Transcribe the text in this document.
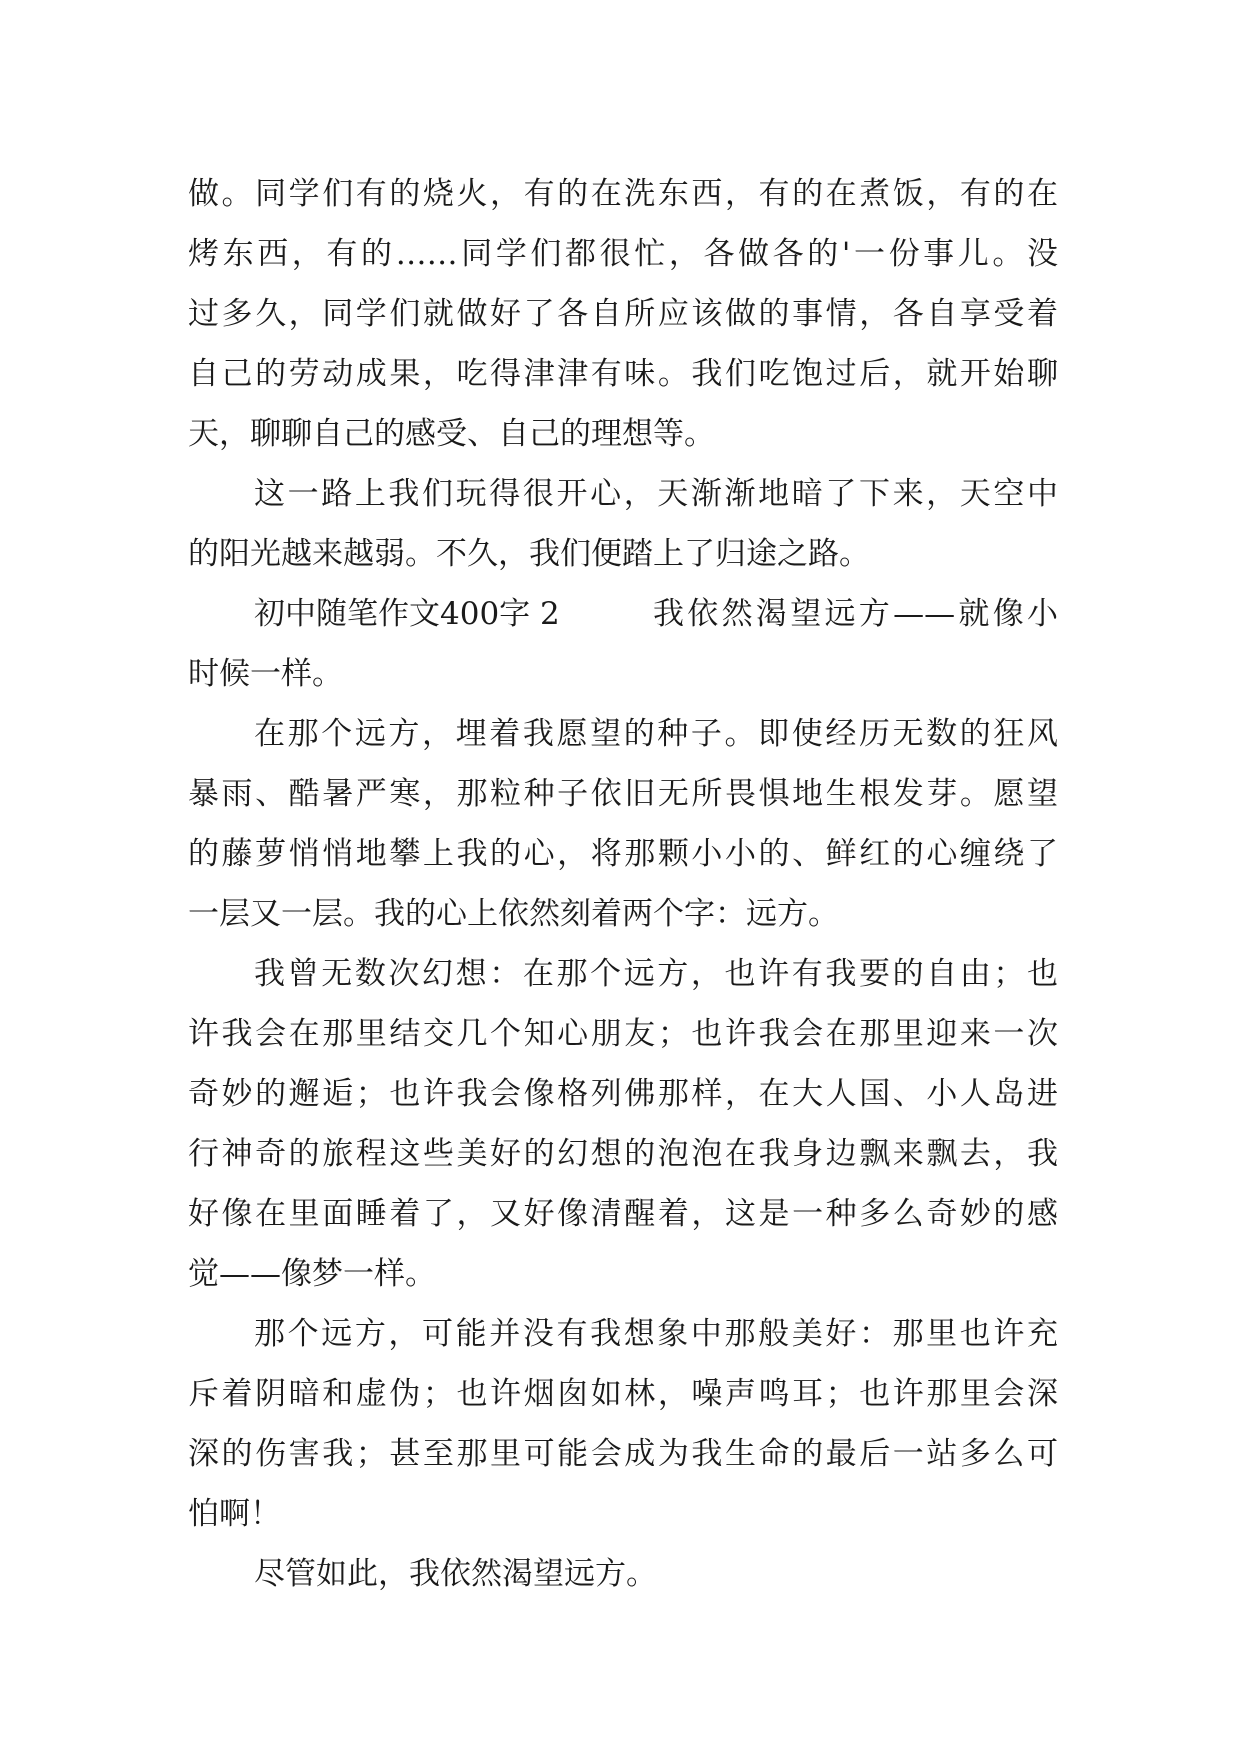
做。同学们有的烧火，有的在洗东西，有的在煮饭，有的在
烤东西，有的……同学们都很忙，各做各的'一份事儿。没
过多久，同学们就做好了各自所应该做的事情，各自享受着
自己的劳动成果，吃得津津有味。我们吃饱过后，就开始聊
天，聊聊自己的感受、自己的理想等。
这一路上我们玩得很开心，天渐渐地暗了下来，天空中
的阳光越来越弱。不久，我们便踏上了归途之路。
初中随笔作文400字 2	我依然渴望远方——就像小
时候一样。
在那个远方，埋着我愿望的种子。即使经历无数的狂风
暴雨、酷暑严寒，那粒种子依旧无所畏惧地生根发芽。愿望
的藤萝悄悄地攀上我的心，将那颗小小的、鲜红的心缠绕了
一层又一层。我的心上依然刻着两个字：远方。
我曾无数次幻想：在那个远方，也许有我要的自由；也
许我会在那里结交几个知心朋友；也许我会在那里迎来一次
奇妙的邂逅；也许我会像格列佛那样，在大人国、小人岛进
行神奇的旅程这些美好的幻想的泡泡在我身边飘来飘去，我
好像在里面睡着了，又好像清醒着，这是一种多么奇妙的感
觉——像梦一样。
那个远方，可能并没有我想象中那般美好：那里也许充
斥着阴暗和虚伪；也许烟囱如林，噪声鸣耳；也许那里会深
深的伤害我；甚至那里可能会成为我生命的最后一站多么可
怕啊！
尽管如此，我依然渴望远方。
